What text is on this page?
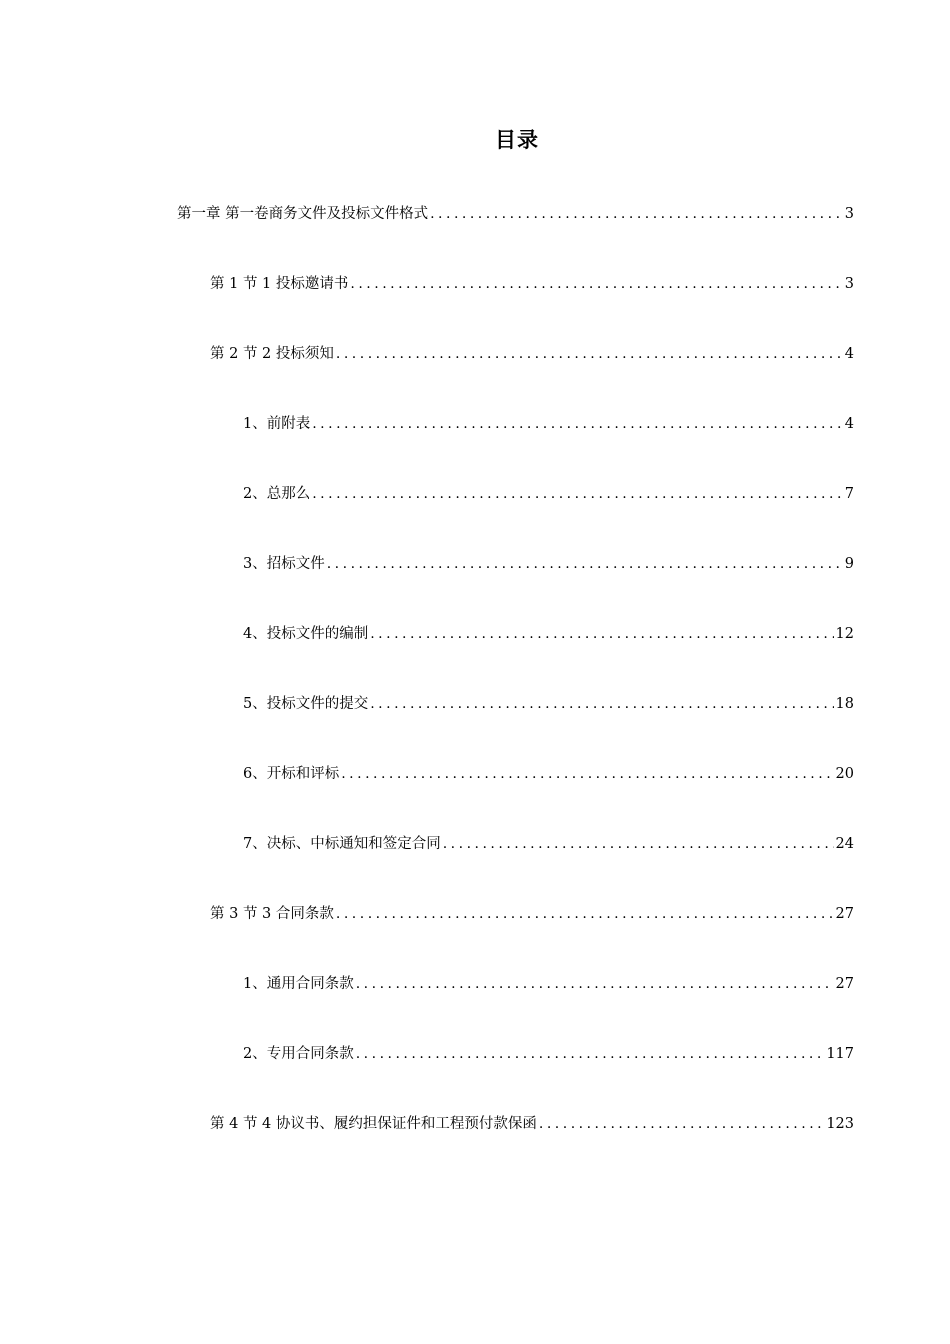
目录
第一章 第一卷商务文件及投标文件格式 .....	3
第 1 节 1 投标邀请书 .....	3
第 2 节 2 投标须知 .....	4
1、前附表 .....	4
2、总那么 .....	7
3、招标文件 .....	9
4、投标文件的编制 .....	12
5、投标文件的提交 .....	18
6、开标和评标 .....	20
7、决标、中标通知和签定合同 .....	24
第 3 节 3 合同条款 .....	27
1、通用合同条款 .....	27
2、专用合同条款 .....	117
第 4 节 4 协议书、履约担保证件和工程预付款保函 .....	123
